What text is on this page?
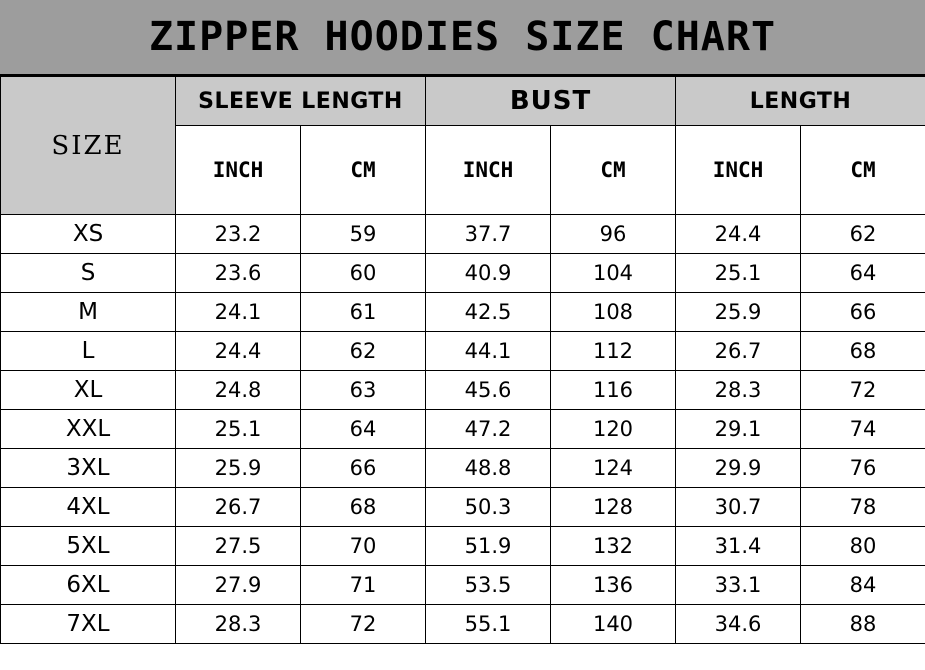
ZIPPER HOODIES SIZE CHART
SIZE	SLEEVE LENGTH		BUST		LENGTH	
	INCH	CM	INCH	CM	INCH	CM
XS	23.2	59	37.7	96	24.4	62
S	23.6	60	40.9	104	25.1	64
M	24.1	61	42.5	108	25.9	66
L	24.4	62	44.1	112	26.7	68
XL	24.8	63	45.6	116	28.3	72
XXL	25.1	64	47.2	120	29.1	74
3XL	25.9	66	48.8	124	29.9	76
4XL	26.7	68	50.3	128	30.7	78
5XL	27.5	70	51.9	132	31.4	80
6XL	27.9	71	53.5	136	33.1	84
7XL	28.3	72	55.1	140	34.6	88
